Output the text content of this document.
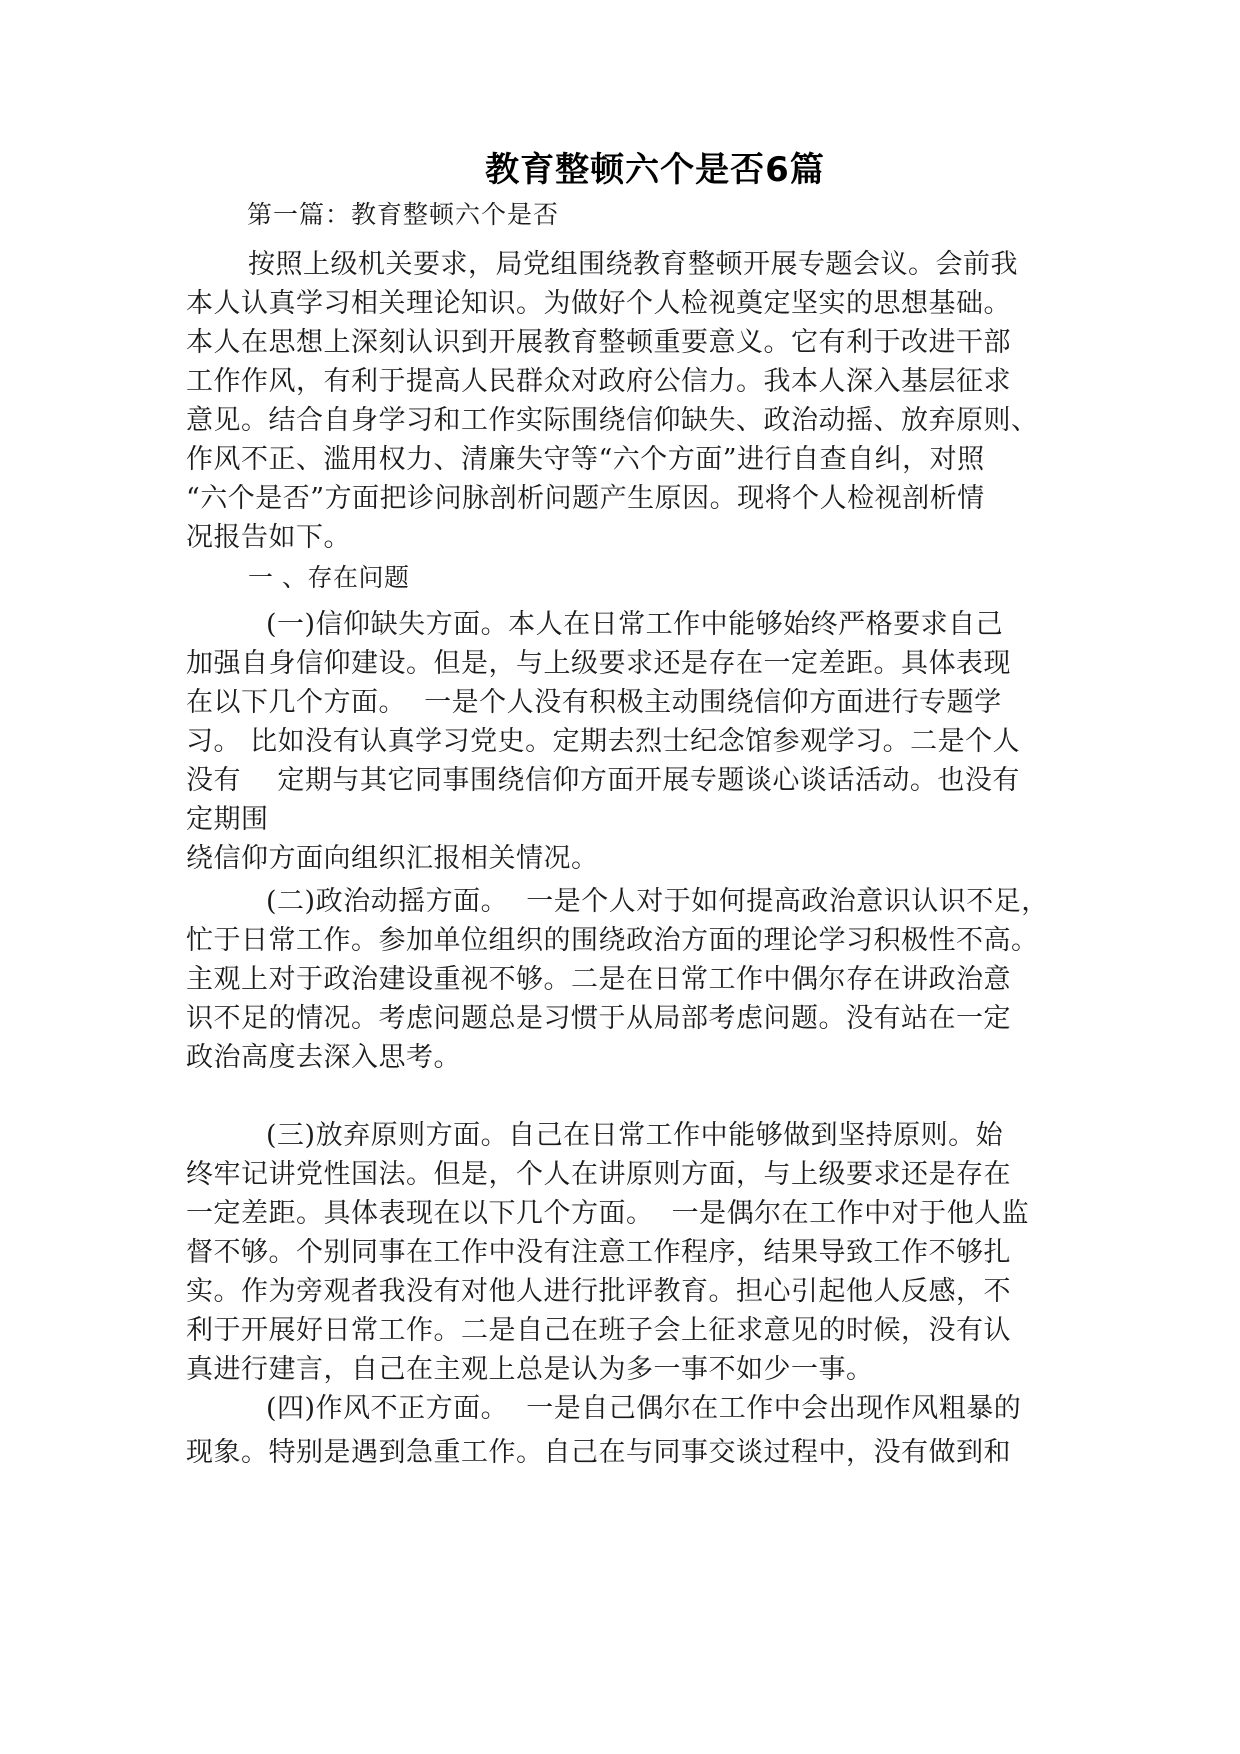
教育整顿六个是否6篇

第一篇：教育整顿六个是否

按照上级机关要求，局党组围绕教育整顿开展专题会议。会前我
本人认真学习相关理论知识。为做好个人检视奠定坚实的思想基础。
本人在思想上深刻认识到开展教育整顿重要意义。它有利于改进干部
工作作风，有利于提高人民群众对政府公信力。我本人深入基层征求
意见。结合自身学习和工作实际围绕信仰缺失、政治动摇、放弃原则、
作风不正、滥用权力、清廉失守等“六个方面”进行自查自纠，对照
“六个是否”方面把诊问脉剖析问题产生原因。现将个人检视剖析情
况报告如下。
一 、存在问题
(一)信仰缺失方面。本人在日常工作中能够始终严格要求自己
加强自身信仰建设。但是，与上级要求还是存在一定差距。具体表现
在以下几个方面。  一是个人没有积极主动围绕信仰方面进行专题学
习。 比如没有认真学习党史。定期去烈士纪念馆参观学习。二是个人
没有    定期与其它同事围绕信仰方面开展专题谈心谈话活动。也没有
定期围
绕信仰方面向组织汇报相关情况。
(二)政治动摇方面。  一是个人对于如何提高政治意识认识不足，
忙于日常工作。参加单位组织的围绕政治方面的理论学习积极性不高。
主观上对于政治建设重视不够。二是在日常工作中偶尔存在讲政治意
识不足的情况。考虑问题总是习惯于从局部考虑问题。没有站在一定
政治高度去深入思考。
(三)放弃原则方面。自己在日常工作中能够做到坚持原则。始
终牢记讲党性国法。但是，个人在讲原则方面，与上级要求还是存在
一定差距。具体表现在以下几个方面。  一是偶尔在工作中对于他人监
督不够。个别同事在工作中没有注意工作程序，结果导致工作不够扎
实。作为旁观者我没有对他人进行批评教育。担心引起他人反感，不
利于开展好日常工作。二是自己在班子会上征求意见的时候，没有认
真进行建言，自己在主观上总是认为多一事不如少一事。
(四)作风不正方面。  一是自己偶尔在工作中会出现作风粗暴的
现象。特别是遇到急重工作。自己在与同事交谈过程中，没有做到和
